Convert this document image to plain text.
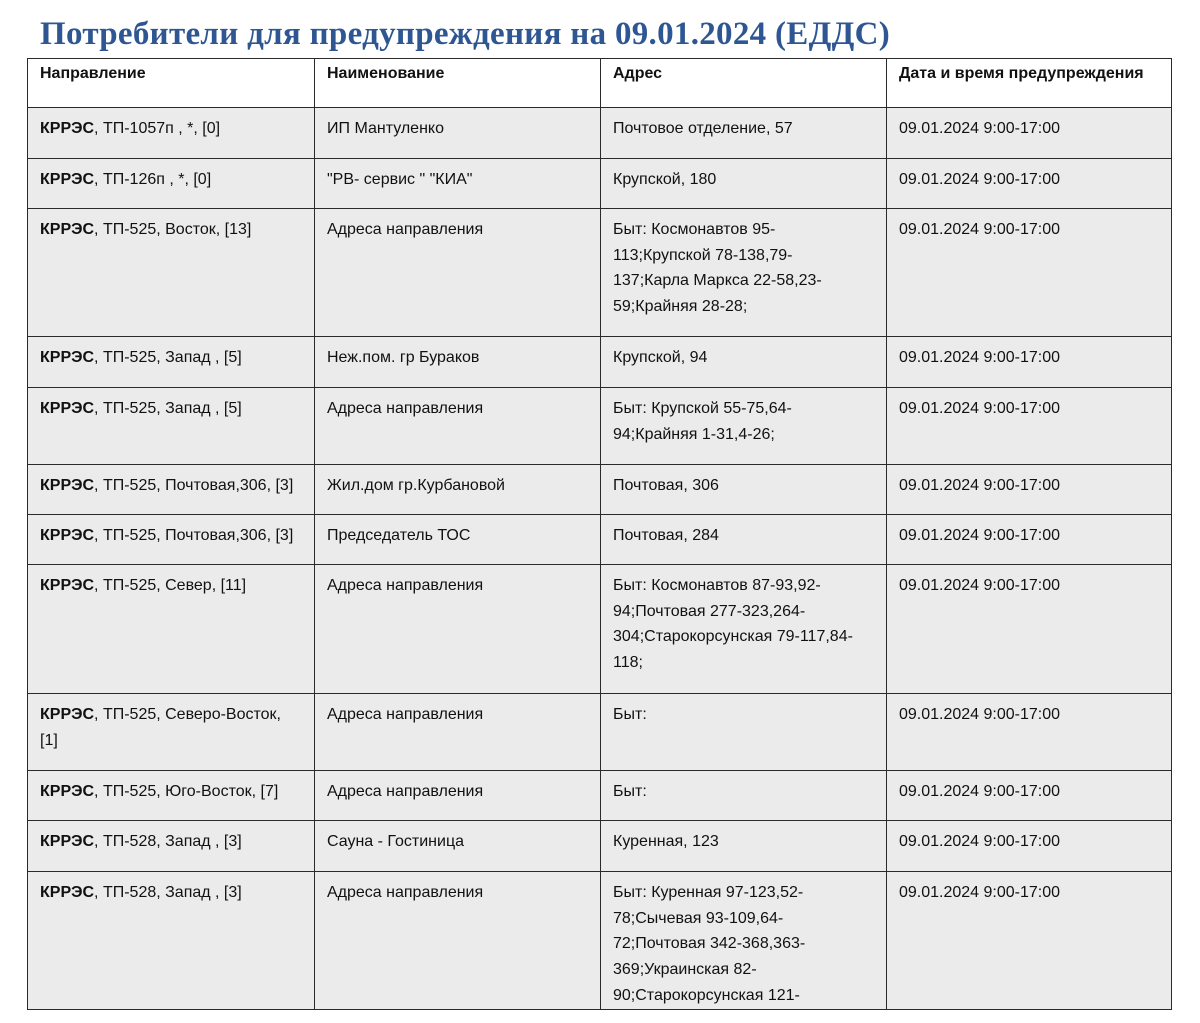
Потребители для предупреждения на 09.01.2024 (ЕДДС)
Направление	Наименование	Адрес	Дата и время предупреждения
КРРЭС, ТП-1057п , *, [0]	ИП Мантуленко	Почтовое отделение, 57	09.01.2024 9:00-17:00
КРРЭС, ТП-126п , *, [0]	"РВ- сервис " "КИА"	Крупской, 180	09.01.2024 9:00-17:00
КРРЭС, ТП-525, Восток, [13]	Адреса направления	Быт: Космонавтов 95-
113;Крупской 78-138,79-
137;Карла Маркса 22-58,23-
59;Крайняя 28-28;	09.01.2024 9:00-17:00
КРРЭС, ТП-525, Запад , [5]	Неж.пом. гр Бураков	Крупской, 94	09.01.2024 9:00-17:00
КРРЭС, ТП-525, Запад , [5]	Адреса направления	Быт: Крупской 55-75,64-
94;Крайняя 1-31,4-26;	09.01.2024 9:00-17:00
КРРЭС, ТП-525, Почтовая,306, [3]	Жил.дом гр.Курбановой	Почтовая, 306	09.01.2024 9:00-17:00
КРРЭС, ТП-525, Почтовая,306, [3]	Председатель ТОС	Почтовая, 284	09.01.2024 9:00-17:00
КРРЭС, ТП-525, Север, [11]	Адреса направления	Быт: Космонавтов 87-93,92-
94;Почтовая 277-323,264-
304;Старокорсунская 79-117,84-
118;	09.01.2024 9:00-17:00
КРРЭС, ТП-525, Северо-Восток,
[1]	Адреса направления	Быт:	09.01.2024 9:00-17:00
КРРЭС, ТП-525, Юго-Восток, [7]	Адреса направления	Быт:	09.01.2024 9:00-17:00
КРРЭС, ТП-528, Запад , [3]	Сауна - Гостиница	Куренная, 123	09.01.2024 9:00-17:00
КРРЭС, ТП-528, Запад , [3]	Адреса направления	Быт: Куренная 97-123,52-
78;Сычевая 93-109,64-
72;Почтовая 342-368,363-
369;Украинская 82-
90;Старокорсунская 121-	09.01.2024 9:00-17:00
